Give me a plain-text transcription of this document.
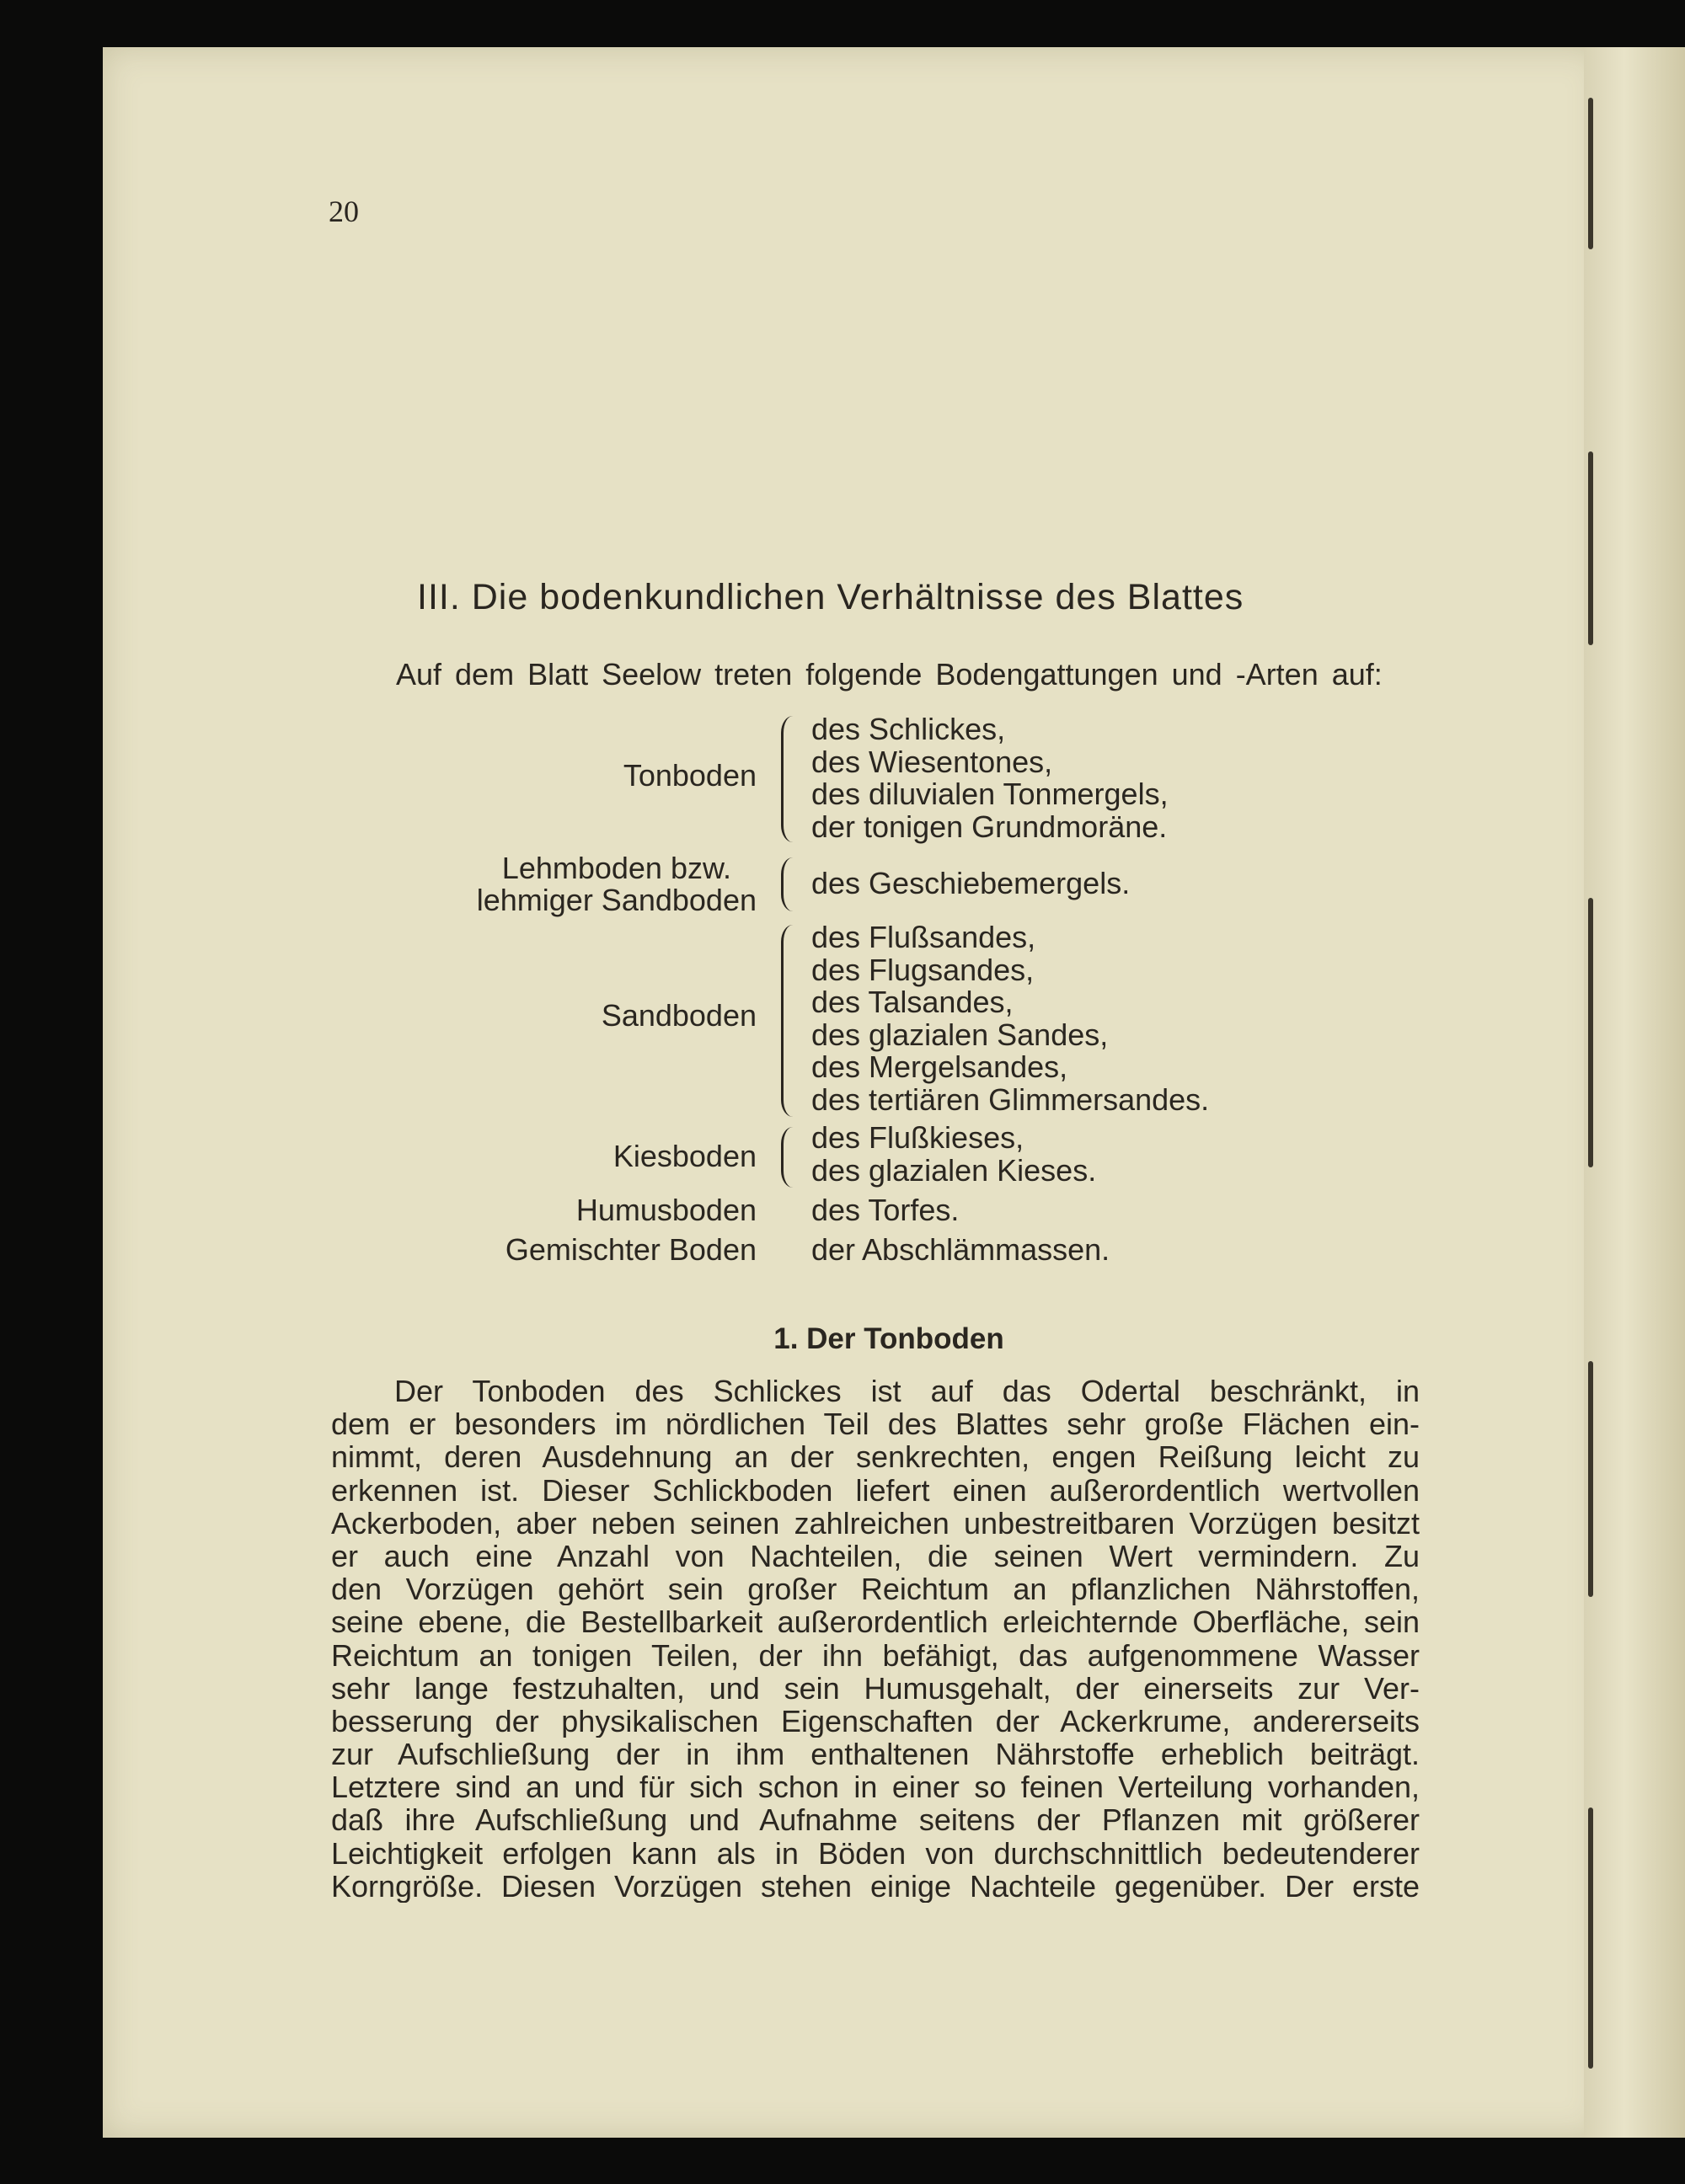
20
III. Die bodenkundlichen Verhältnisse des Blattes
Auf dem Blatt Seelow treten folgende Bodengattungen und -Arten auf:
Tonboden
des Schlickes,
des Wiesentones,
des diluvialen Tonmergels,
der tonigen Grundmoräne.
Lehmboden bzw.
lehmiger Sandboden des Geschiebemergels.
Sandboden
des Flußsandes,
des Flugsandes,
des Talsandes,
des glazialen Sandes,
des Mergelsandes,
des tertiären Glimmersandes.
Kiesboden
des Flußkieses,
des glazialen Kieses.
Humusboden des Torfes.
Gemischter Boden der Abschlämmassen.
1. Der Tonboden
Der Tonboden des Schlickes ist auf das Odertal beschränkt, in
dem er besonders im nördlichen Teil des Blattes sehr große Flächen ein-
nimmt, deren Ausdehnung an der senkrechten, engen Reißung leicht zu
erkennen ist. Dieser Schlickboden liefert einen außerordentlich wertvollen
Ackerboden, aber neben seinen zahlreichen unbestreitbaren Vorzügen besitzt
er auch eine Anzahl von Nachteilen, die seinen Wert vermindern. Zu
den Vorzügen gehört sein großer Reichtum an pflanzlichen Nährstoffen,
seine ebene, die Bestellbarkeit außerordentlich erleichternde Oberfläche, sein
Reichtum an tonigen Teilen, der ihn befähigt, das aufgenommene Wasser
sehr lange festzuhalten, und sein Humusgehalt, der einerseits zur Ver-
besserung der physikalischen Eigenschaften der Ackerkrume, andererseits
zur Aufschließung der in ihm enthaltenen Nährstoffe erheblich beiträgt.
Letztere sind an und für sich schon in einer so feinen Verteilung vorhanden,
daß ihre Aufschließung und Aufnahme seitens der Pflanzen mit größerer
Leichtigkeit erfolgen kann als in Böden von durchschnittlich bedeutenderer
Korngröße. Diesen Vorzügen stehen einige Nachteile gegenüber. Der erste
